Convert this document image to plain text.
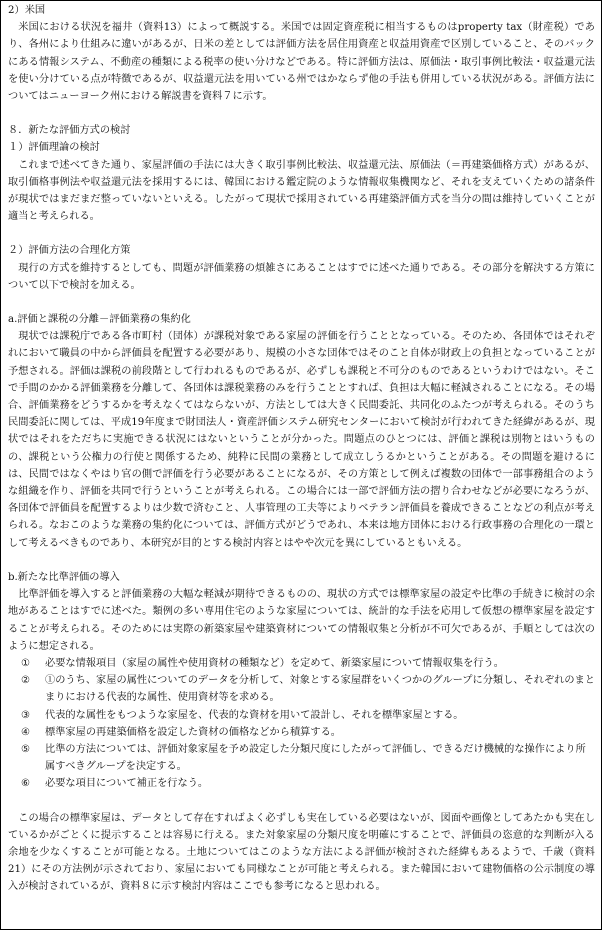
2）米国

米国における状況を福井（資料13）によって概説する。米国では固定資産税に相当するものはproperty tax（財産税）であり、各州により仕組みに違いがあるが、日米の差としては評価方法を居住用資産と収益用資産で区別していること、そのバックにある情報システム、不動産の種類による税率の使い分けなどである。特に評価方法は、原価法・取引事例比較法・収益還元法を使い分けている点が特徴であるが、収益還元法を用いている州ではかならず他の手法も併用している状況がある。評価方法についてはニューヨーク州における解説書を資料７に示す。

８．新たな評価方式の検討

１）評価理論の検討

これまで述べてきた通り、家屋評価の手法には大きく取引事例比較法、収益還元法、原価法（＝再建築価格方式）があるが、取引価格事例法や収益還元法を採用するには、韓国における鑑定院のような情報収集機関など、それを支えていくための諸条件が現状ではまだまだ整っていないといえる。したがって現状で採用されている再建築評価方式を当分の間は維持していくことが適当と考えられる。

２）評価方法の合理化方策

現行の方式を維持するとしても、問題が評価業務の煩雑さにあることはすでに述べた通りである。その部分を解決する方策について以下で検討を加える。

a.評価と課税の分離－評価業務の集約化

現状では課税庁である各市町村（団体）が課税対象である家屋の評価を行うこととなっている。そのため、各団体ではそれぞれにおいて職員の中から評価員を配置する必要があり、規模の小さな団体ではそのこと自体が財政上の負担となっていることが予想される。評価は課税の前段階として行われるものであるが、必ずしも課税と不可分のものであるというわけではない。そこで手間のかかる評価業務を分離して、各団体は課税業務のみを行うこととすれば、負担は大幅に軽減されることになる。その場合、評価業務をどうするかを考えなくてはならないが、方法としては大きく民間委託、共同化のふたつが考えられる。そのうち民間委託に関しては、平成19年度まで財団法人・資産評価システム研究センターにおいて検討が行われてきた経緯があるが、現状ではそれをただちに実施できる状況にはないということが分かった。問題点のひとつには、評価と課税は別物とはいうものの、課税という公権力の行使と関係するため、純粋に民間の業務として成立しうるかということがある。その問題を避けるには、民間ではなくやはり官の側で評価を行う必要があることになるが、その方策として例えば複数の団体で一部事務組合のような組織を作り、評価を共同で行うということが考えられる。この場合には一部で評価方法の摺り合わせなどが必要になろうが、各団体で評価員を配置するよりは少数で済むこと、人事管理の工夫等によりベテラン評価員を養成できることなどの利点が考えられる。なおこのような業務の集約化については、評価方式がどうであれ、本来は地方団体における行政事務の合理化の一環として考えるべきものであり、本研究が目的とする検討内容とはやや次元を異にしているともいえる。

b.新たな比準評価の導入

比準評価を導入すると評価業務の大幅な軽減が期待できるものの、現状の方式では標準家屋の設定や比準の手続きに検討の余地があることはすでに述べた。類例の多い専用住宅のような家屋については、統計的な手法を応用して仮想の標準家屋を設定することが考えられる。そのためには実際の新築家屋や建築資材についての情報収集と分析が不可欠であるが、手順としては次のように想定される。

① 必要な情報項目（家屋の属性や使用資材の種類など）を定めて、新築家屋について情報収集を行う。
② ①のうち、家屋の属性についてのデータを分析して、対象とする家屋群をいくつかのグループに分類し、それぞれのまとまりにおける代表的な属性、使用資材等を求める。
③ 代表的な属性をもつような家屋を、代表的な資材を用いて設計し、それを標準家屋とする。
④ 標準家屋の再建築価格を設定した資材の価格などから積算する。
⑤ 比準の方法については、評価対象家屋を予め設定した分類尺度にしたがって評価し、できるだけ機械的な操作により所属すべきグループを決定する。
⑥ 必要な項目について補正を行なう。

この場合の標準家屋は、データとして存在すればよく必ずしも実在している必要はないが、図面や画像としてあたかも実在しているかがごとくに提示することは容易に行える。また対象家屋の分類尺度を明確にすることで、評価員の恣意的な判断が入る余地を少なくすることが可能となる。土地についてはこのような方法による評価が検討された経緯もあるようで、千歳（資料21）にその方法例が示されており、家屋においても同様なことが可能と考えられる。また韓国において建物価格の公示制度の導入が検討されているが、資料８に示す検討内容はここでも参考になると思われる。
